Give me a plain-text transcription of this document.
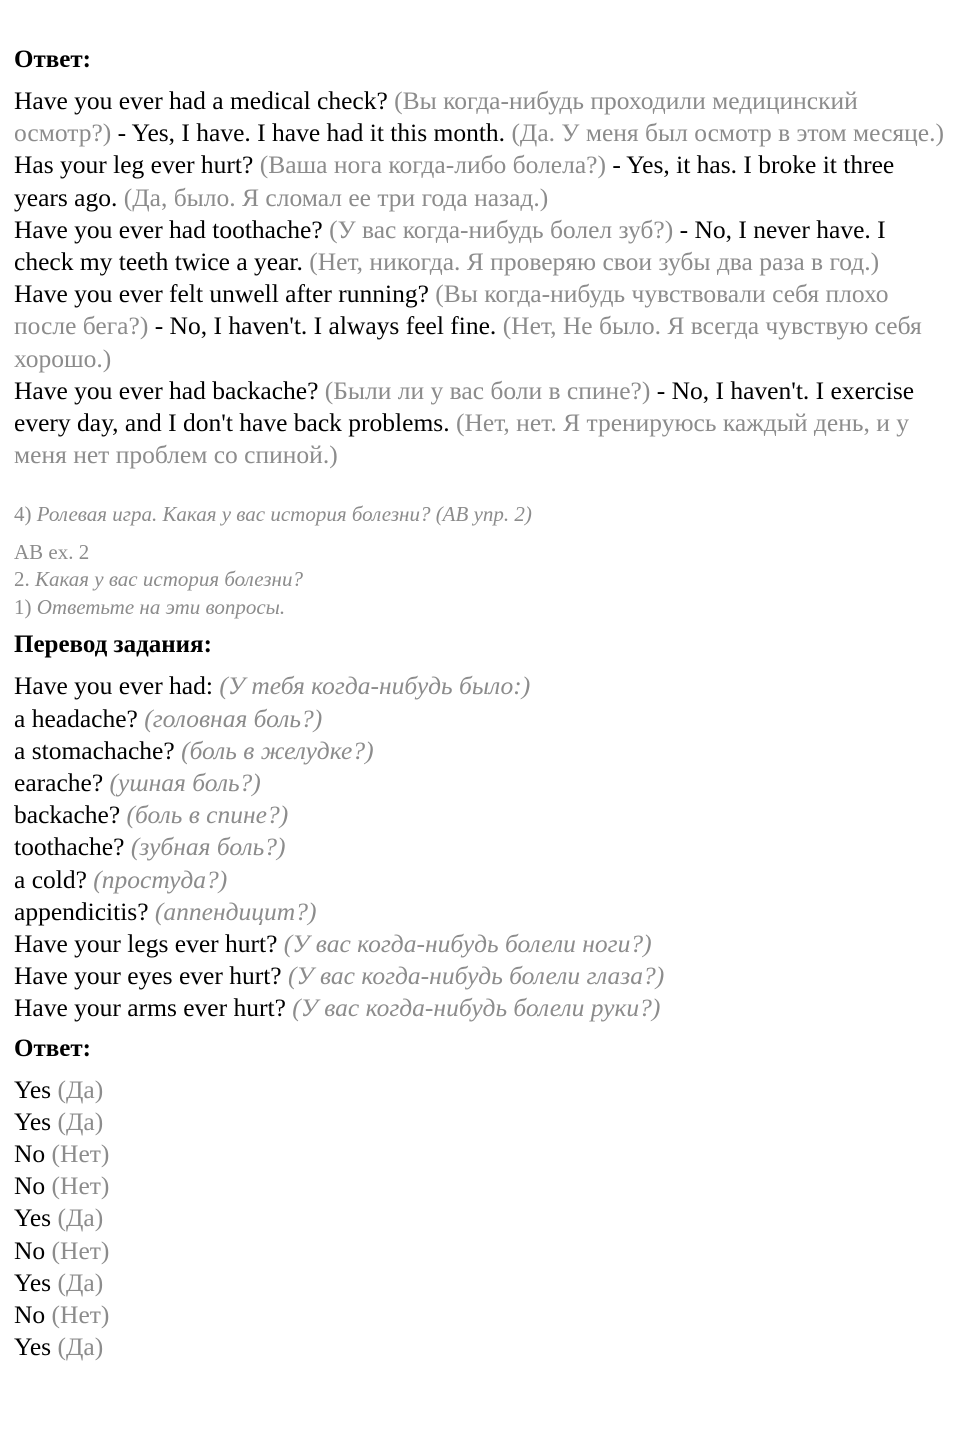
Ответ:
Have you ever had a medical check? (Вы когда-нибудь проходили медицинский осмотр?) - Yes, I have. I have had it this month. (Да. У меня был осмотр в этом месяце.)
Has your leg ever hurt? (Ваша нога когда-либо болела?) - Yes, it has. I broke it three years ago. (Да, было. Я сломал ее три года назад.)
Have you ever had toothache? (У вас когда-нибудь болел зуб?) - No, I never have. I check my teeth twice a year. (Нет, никогда. Я проверяю свои зубы два раза в год.)
Have you ever felt unwell after running? (Вы когда-нибудь чувствовали себя плохо после бега?) - No, I haven't. I always feel fine. (Нет, Не было. Я всегда чувствую себя хорошо.)
Have you ever had backache? (Были ли у вас боли в спине?) - No, I haven't. I exercise every day, and I don't have back problems. (Нет, нет. Я тренируюсь каждый день, и у меня нет проблем со спиной.)
4) Ролевая игра. Какая у вас история болезни? (AB упр. 2)
AB ex. 2
2. Какая у вас история болезни?
1) Ответьте на эти вопросы.
Перевод задания:
Have you ever had: (У тебя когда-нибудь было:)
a headache? (головная боль?)
a stomachache? (боль в желудке?)
earache? (ушная боль?)
backache? (боль в спине?)
toothache? (зубная боль?)
a cold? (простуда?)
appendicitis? (аппендицит?)
Have your legs ever hurt? (У вас когда-нибудь болели ноги?)
Have your eyes ever hurt? (У вас когда-нибудь болели глаза?)
Have your arms ever hurt? (У вас когда-нибудь болели руки?)
Ответ:
Yes (Да)
Yes (Да)
No (Нет)
No (Нет)
Yes (Да)
No (Нет)
Yes (Да)
No (Нет)
Yes (Да)
